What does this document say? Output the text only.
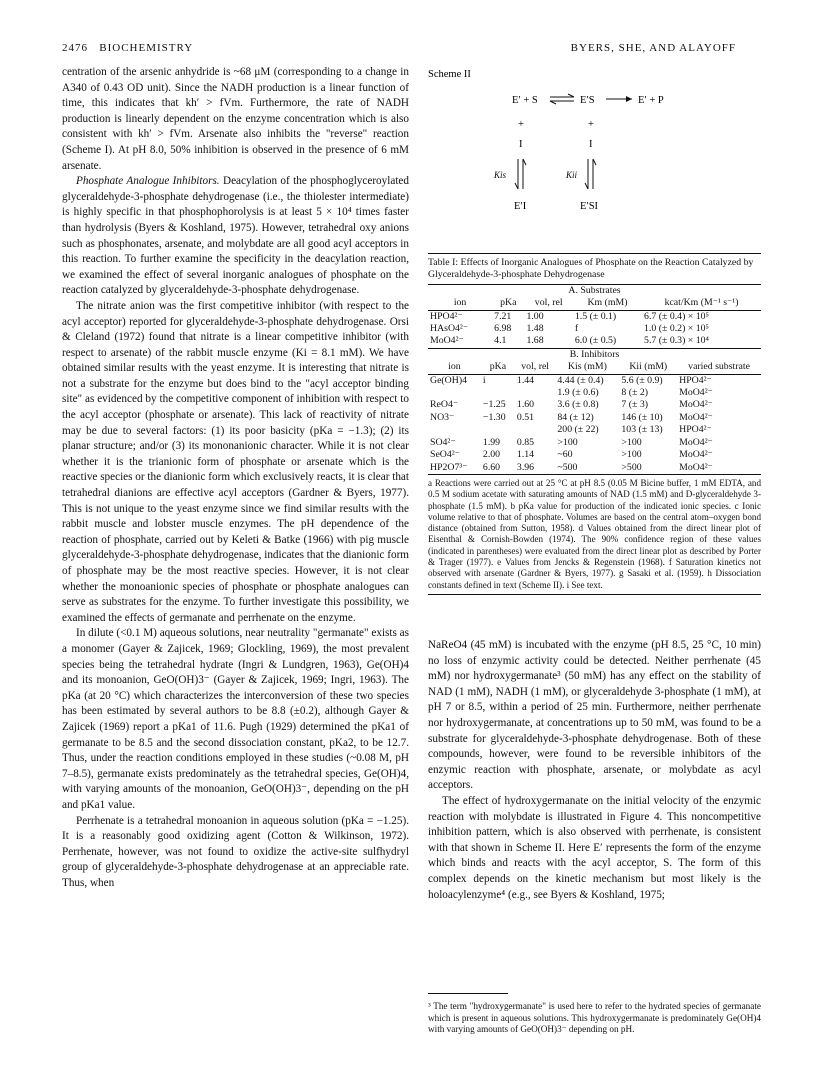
2476 BIOCHEMISTRY	BYERS, SHE, AND ALAYOFF

centration of the arsenic anhydride is ~68 μM (corresponding to a change in A340 of 0.43 OD unit). Since the NADH production is a linear function of time, this indicates that kh′ > fVm. Furthermore, the rate of NADH production is linearly dependent on the enzyme concentration which is also consistent with kh′ > fVm. Arsenate also inhibits the "reverse" reaction (Scheme I). At pH 8.0, 50% inhibition is observed in the presence of 6 mM arsenate.

Phosphate Analogue Inhibitors. Deacylation of the phosphoglyceroylated glyceraldehyde-3-phosphate dehydrogenase (i.e., the thiolester intermediate) is highly specific in that phosphophorolysis is at least 5 × 10⁴ times faster than hydrolysis (Byers & Koshland, 1975). However, tetrahedral oxy anions such as phosphonates, arsenate, and molybdate are all good acyl acceptors in this reaction. To further examine the specificity in the deacylation reaction, we examined the effect of several inorganic analogues of phosphate on the reaction catalyzed by glyceraldehyde-3-phosphate dehydrogenase.

The nitrate anion was the first competitive inhibitor (with respect to the acyl acceptor) reported for glyceraldehyde-3-phosphate dehydrogenase. Orsi & Cleland (1972) found that nitrate is a linear competitive inhibitor (with respect to arsenate) of the rabbit muscle enzyme (Ki = 8.1 mM). We have obtained similar results with the yeast enzyme. It is interesting that nitrate is not a substrate for the enzyme but does bind to the "acyl acceptor binding site" as evidenced by the competitive component of inhibition with respect to the acyl acceptor (phosphate or arsenate). This lack of reactivity of nitrate may be due to several factors: (1) its poor basicity (pKa = −1.3); (2) its planar structure; and/or (3) its mononanionic character. While it is not clear whether it is the trianionic form of phosphate or arsenate which is the reactive species or the dianionic form which exclusively reacts, it is clear that tetrahedral dianions are effective acyl acceptors (Gardner & Byers, 1977). This is not unique to the yeast enzyme since we find similar results with the rabbit muscle and lobster muscle enzymes. The pH dependence of the reaction of phosphate, carried out by Keleti & Batke (1966) with pig muscle glyceraldehyde-3-phosphate dehydrogenase, indicates that the dianionic form of phosphate may be the most reactive species. However, it is not clear whether the monoanionic species of phosphate or phosphate analogues can serve as substrates for the enzyme. To further investigate this possibility, we examined the effects of germanate and perrhenate on the enzyme.

In dilute (<0.1 M) aqueous solutions, near neutrality "germanate" exists as a monomer (Gayer & Zajicek, 1969; Glockling, 1969), the most prevalent species being the tetrahedral hydrate (Ingri & Lundgren, 1963), Ge(OH)4 and its monoanion, GeO(OH)3⁻ (Gayer & Zajicek, 1969; Ingri, 1963). The pKa (at 20 °C) which characterizes the interconversion of these two species has been estimated by several authors to be 8.8 (±0.2), although Gayer & Zajicek (1969) report a pKa1 of 11.6. Pugh (1929) determined the pKa1 of germanate to be 8.5 and the second dissociation constant, pKa2, to be 12.7. Thus, under the reaction conditions employed in these studies (~0.08 M, pH 7–8.5), germanate exists predominately as the tetrahedral species, Ge(OH)4, with varying amounts of the monoanion, GeO(OH)3⁻, depending on the pH and pKa1 value.

Perrhenate is a tetrahedral monoanion in aqueous solution (pKa = −1.25). It is a reasonably good oxidizing agent (Cotton & Wilkinson, 1972). Perrhenate, however, was not found to oxidize the active-site sulfhydryl group of glyceraldehyde-3-phosphate dehydrogenase at an appreciable rate. Thus, when

Scheme II
E′ + S	E′S	E′ + P
+	+
I	I
Kis	Kii
E′I	E′SI

Table I: Effects of Inorganic Analogues of Phosphate on the Reaction Catalyzed by Glyceraldehyde-3-phosphate Dehydrogenase

A. Substrates				
ion	pKa	vol, rel	Km (mM)	kcat/Km (M⁻¹ s⁻¹)
HPO4²⁻	7.21	1.00	1.5 (± 0.1)	6.7 (± 0.4) × 10⁵
HAsO4²⁻	6.98	1.48	f	1.0 (± 0.2) × 10⁵
MoO4²⁻	4.1	1.68	6.0 (± 0.5)	5.7 (± 0.3) × 10⁴
B. Inhibitors					
ion	pKa	vol, rel	Kis (mM)	Kii (mM)	varied substrate
Ge(OH)4	i	1.44	4.44 (± 0.4)	5.6 (± 0.9)	HPO4²⁻
			1.9 (± 0.6)	8 (± 2)	MoO4²⁻
ReO4⁻	−1.25	1.60	3.6 (± 0.8)	7 (± 3)	MoO4²⁻
NO3⁻	−1.30	0.51	84 (± 12)	146 (± 10)	MoO4²⁻
			200 (± 22)	103 (± 13)	HPO4²⁻
SO4²⁻	1.99	0.85	>100	>100	MoO4²⁻
SeO4²⁻	2.00	1.14	~60	>100	MoO4²⁻
HP2O7³⁻	6.60	3.96	~500	>500	MoO4²⁻
a Reactions were carried out at 25 °C at pH 8.5 (0.05 M Bicine buffer, 1 mM EDTA, and 0.5 M sodium acetate with saturating amounts of NAD (1.5 mM) and D-glyceraldehyde 3-phosphate (1.5 mM). b pKa value for production of the indicated ionic species. c Ionic volume relative to that of phosphate. Volumes are based on the central atom–oxygen bond distance (obtained from Sutton, 1958). d Values obtained from the direct linear plot of Eisenthal & Cornish-Bowden (1974). The 90% confidence region of these values (indicated in parentheses) were evaluated from the direct linear plot as described by Porter & Trager (1977). e Values from Jencks & Regenstein (1968). f Saturation kinetics not observed with arsenate (Gardner & Byers, 1977). g Sasaki et al. (1959). h Dissociation constants defined in text (Scheme II). i See text.

NaReO4 (45 mM) is incubated with the enzyme (pH 8.5, 25 °C, 10 min) no loss of enzymic activity could be detected. Neither perrhenate (45 mM) nor hydroxygermanate³ (50 mM) has any effect on the stability of NAD (1 mM), NADH (1 mM), or glyceraldehyde 3-phosphate (1 mM), at pH 7 or 8.5, within a period of 25 min. Furthermore, neither perrhenate nor hydroxygermanate, at concentrations up to 50 mM, was found to be a substrate for glyceraldehyde-3-phosphate dehydrogenase. Both of these compounds, however, were found to be reversible inhibitors of the enzymic reaction with phosphate, arsenate, or molybdate as acyl acceptors.

The effect of hydroxygermanate on the initial velocity of the enzymic reaction with molybdate is illustrated in Figure 4. This noncompetitive inhibition pattern, which is also observed with perrhenate, is consistent with that shown in Scheme II. Here E′ represents the form of the enzyme which binds and reacts with the acyl acceptor, S. The form of this complex depends on the kinetic mechanism but most likely is the holoacylenzyme⁴ (e.g., see Byers & Koshland, 1975;

³ The term "hydroxygermanate" is used here to refer to the hydrated species of germanate which is present in aqueous solutions. This hydroxygermanate is predominately Ge(OH)4 with varying amounts of GeO(OH)3⁻ depending on pH.
